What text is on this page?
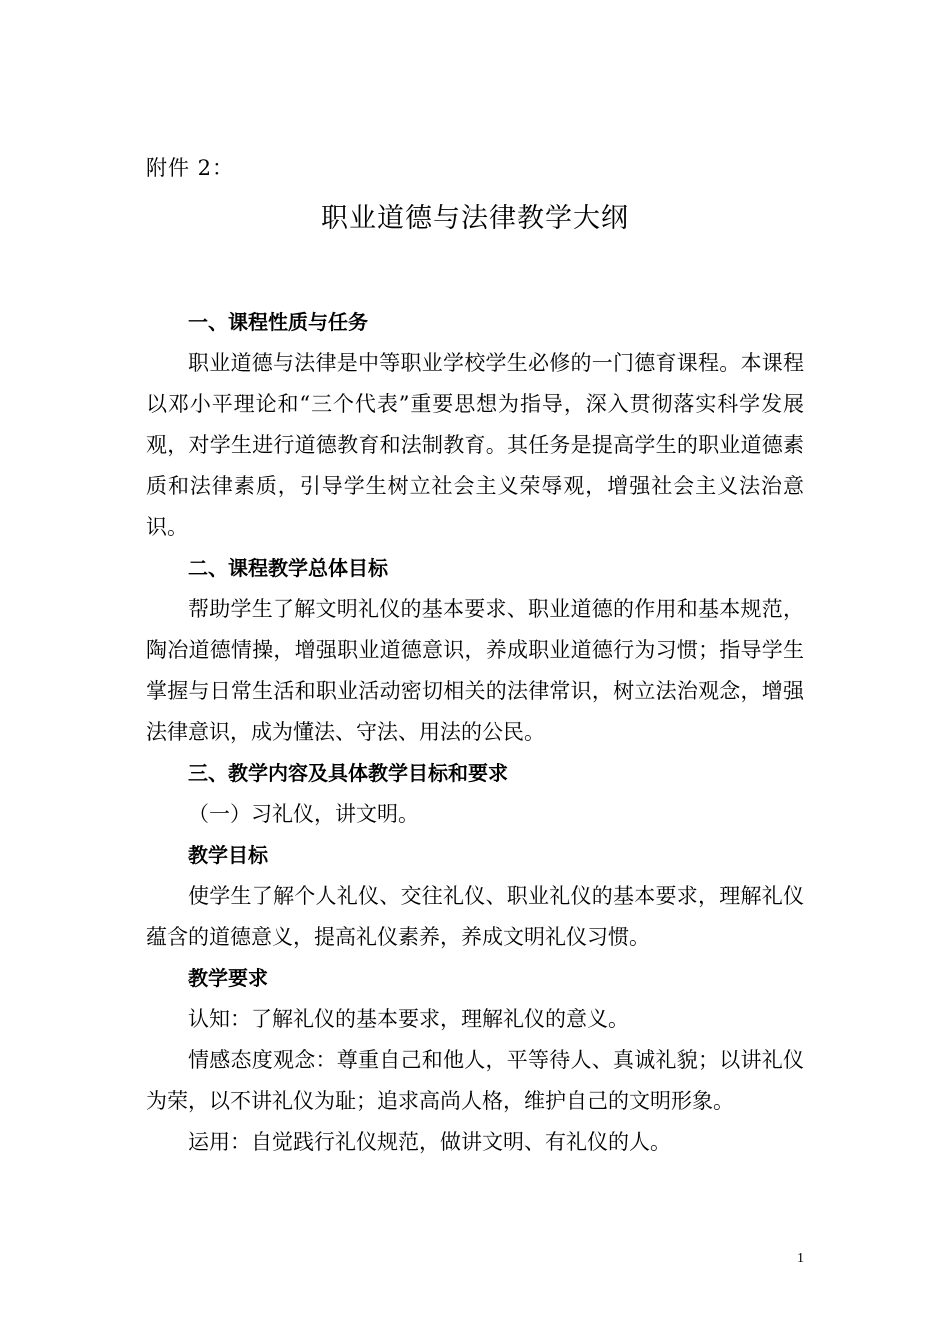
附件 2：

职业道德与法律教学大纲

一、课程性质与任务

职业道德与法律是中等职业学校学生必修的一门德育课程。本课程以邓小平理论和“三个代表”重要思想为指导，深入贯彻落实科学发展观，对学生进行道德教育和法制教育。其任务是提高学生的职业道德素质和法律素质，引导学生树立社会主义荣辱观，增强社会主义法治意识。

二、课程教学总体目标

帮助学生了解文明礼仪的基本要求、职业道德的作用和基本规范，陶冶道德情操，增强职业道德意识，养成职业道德行为习惯；指导学生掌握与日常生活和职业活动密切相关的法律常识，树立法治观念，增强法律意识，成为懂法、守法、用法的公民。

三、教学内容及具体教学目标和要求

（一）习礼仪，讲文明。

教学目标

使学生了解个人礼仪、交往礼仪、职业礼仪的基本要求，理解礼仪蕴含的道德意义，提高礼仪素养，养成文明礼仪习惯。

教学要求

认知：了解礼仪的基本要求，理解礼仪的意义。

情感态度观念：尊重自己和他人，平等待人、真诚礼貌；以讲礼仪为荣，以不讲礼仪为耻；追求高尚人格，维护自己的文明形象。

运用：自觉践行礼仪规范，做讲文明、有礼仪的人。

1
